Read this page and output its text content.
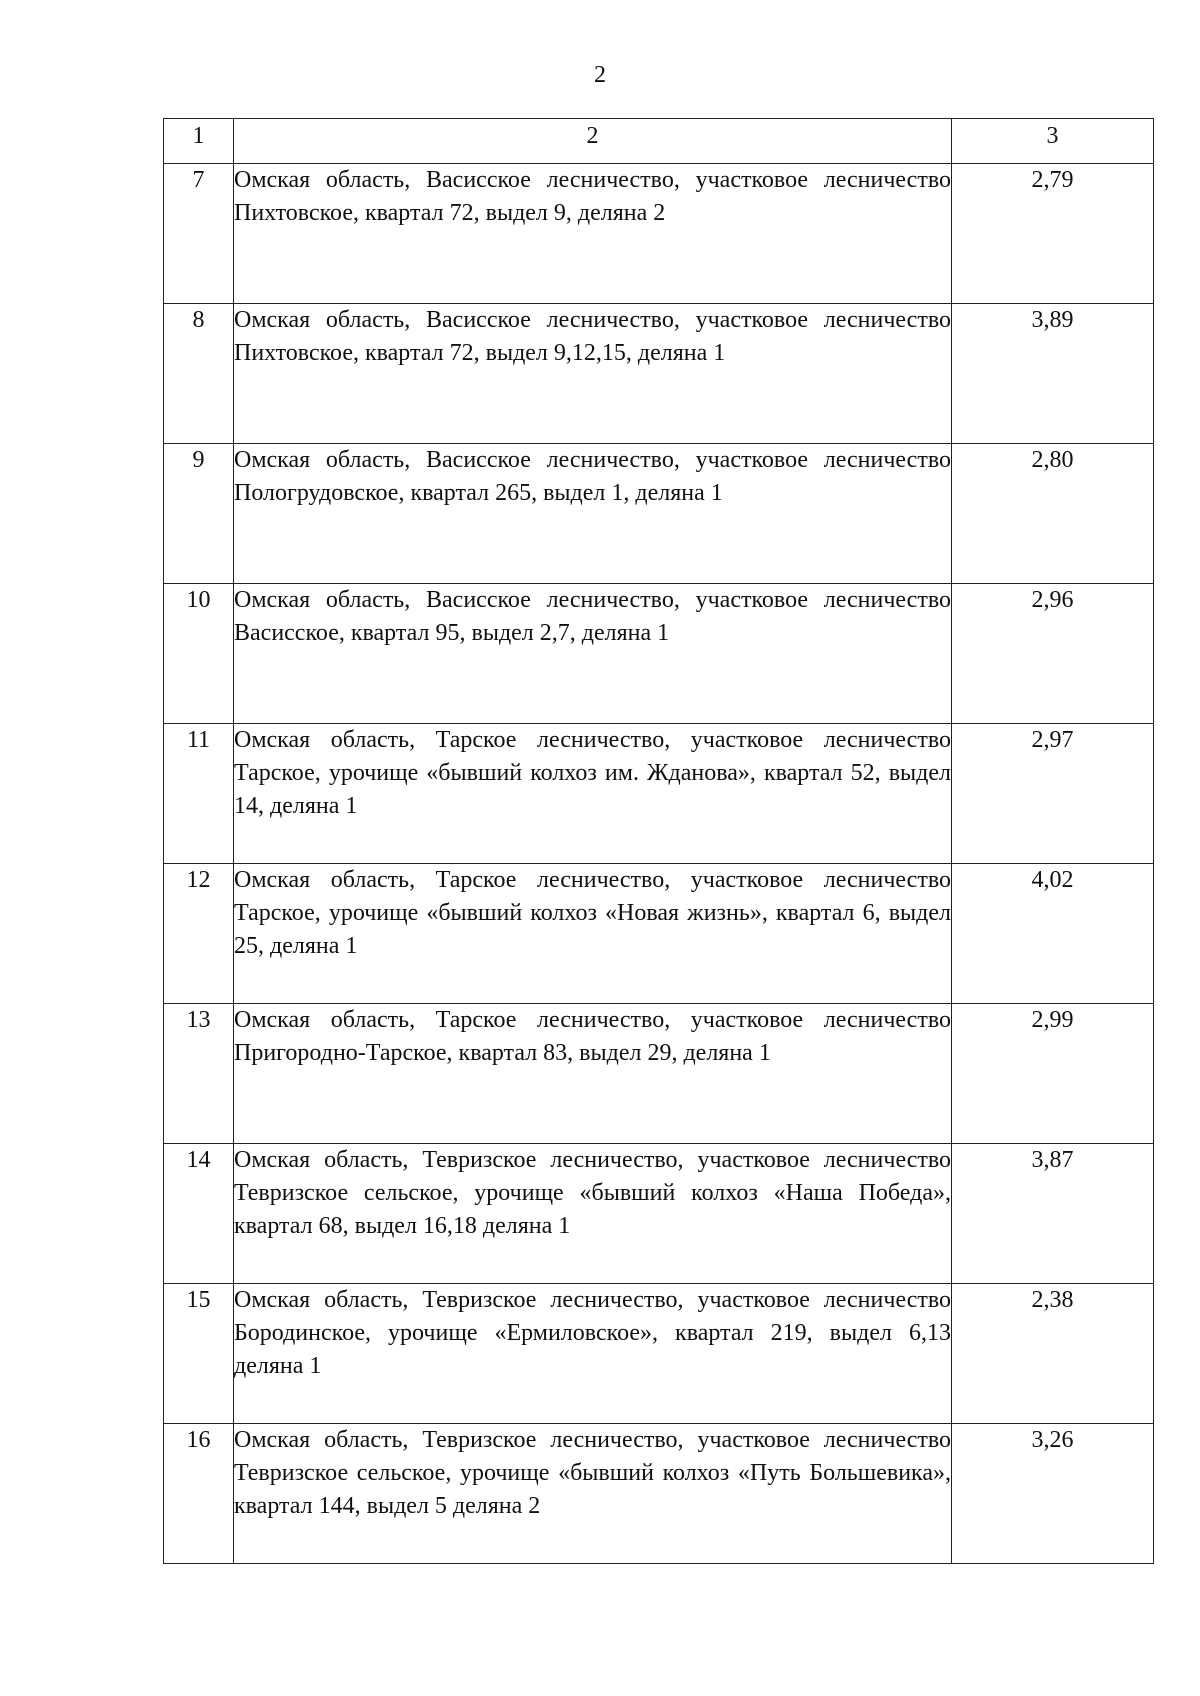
2
1	2	3
7	Омская область, Васисское лесничество, участковое лесничество Пихтовское, квартал 72, выдел 9, деляна 2	2,79
8	Омская область, Васисское лесничество, участковое лесничество Пихтовское, квартал 72, выдел 9,12,15, деляна 1	3,89
9	Омская область, Васисское лесничество, участковое лесничество Пологрудовское, квартал 265, выдел 1, деляна 1	2,80
10	Омская область, Васисское лесничество, участковое лесничество Васисское, квартал 95, выдел 2,7, деляна 1	2,96
11	Омская область, Тарское лесничество, участковое лесничество Тарское, урочище «бывший колхоз им. Жданова», квартал 52, выдел 14, деляна 1	2,97
12	Омская область, Тарское лесничество, участковое лесничество Тарское, урочище «бывший колхоз «Новая жизнь», квартал 6, выдел 25, деляна 1	4,02
13	Омская область, Тарское лесничество, участковое лесничество Пригородно-Тарское, квартал 83, выдел 29, деляна 1	2,99
14	Омская область, Тевризское лесничество, участковое лесничество Тевризское сельское, урочище «бывший колхоз «Наша Победа», квартал 68, выдел 16,18 деляна 1	3,87
15	Омская область, Тевризское лесничество, участковое лесничество Бородинское, урочище «Ермиловское», квартал 219, выдел 6,13 деляна 1	2,38
16	Омская область, Тевризское лесничество, участковое лесничество Тевризское сельское, урочище «бывший колхоз «Путь Большевика», квартал 144, выдел 5 деляна 2	3,26
